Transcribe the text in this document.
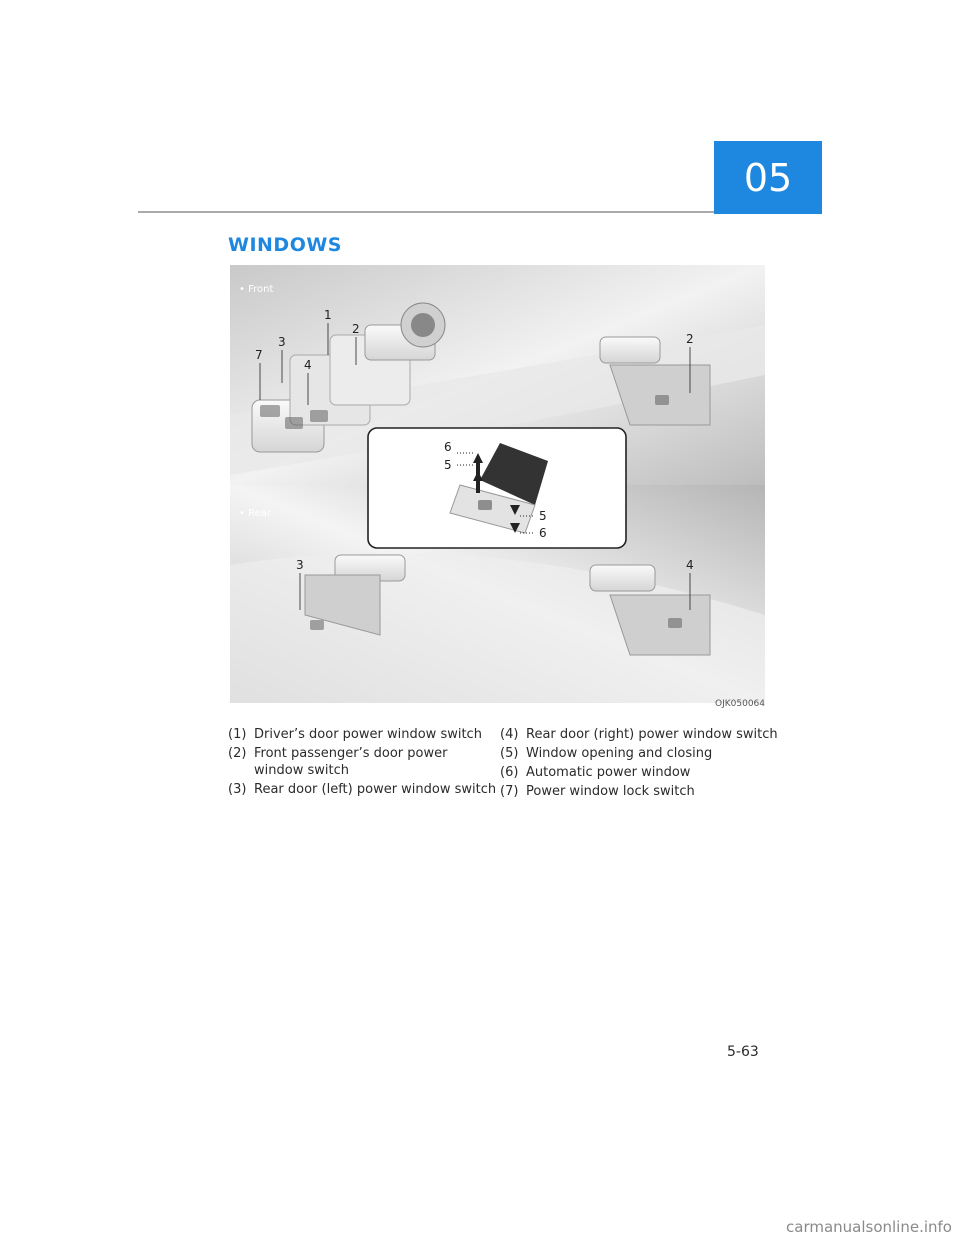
05
WINDOWS
• Front
• Rear
1
2
3
4
7
2
6
5
5
6
3	4
OJK050064
(1) Driver’s door power window switch
(2) Front passenger’s door power window switch
(3) Rear door (left) power window switch
(4) Rear door (right) power window switch
(5) Window opening and closing
(6) Automatic power window
(7) Power window lock switch
5-63
carmanualsonline.info
